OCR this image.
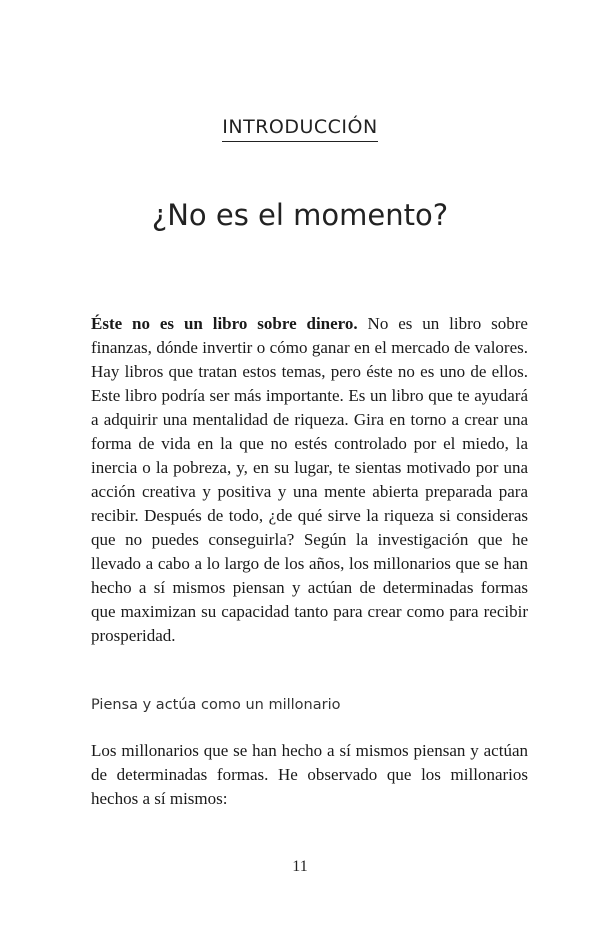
INTRODUCCIÓN
¿No es el momento?

Éste no es un libro sobre dinero. No es un libro sobre finanzas, dónde invertir o cómo ganar en el mercado de valores. Hay libros que tratan estos temas, pero éste no es uno de ellos. Este libro podría ser más importante. Es un libro que te ayudará a adquirir una mentalidad de riqueza. Gira en torno a crear una forma de vida en la que no estés controlado por el miedo, la inercia o la pobreza, y, en su lugar, te sientas motivado por una acción creativa y positiva y una mente abierta preparada para recibir. Después de todo, ¿de qué sirve la riqueza si consideras que no puedes conseguirla? Según la investigación que he llevado a cabo a lo largo de los años, los millonarios que se han hecho a sí mismos piensan y actúan de determinadas formas que maximizan su capacidad tanto para crear como para recibir prosperidad.

Piensa y actúa como un millonario

Los millonarios que se han hecho a sí mismos piensan y actúan de determinadas formas. He observado que los millonarios hechos a sí mismos:

11
